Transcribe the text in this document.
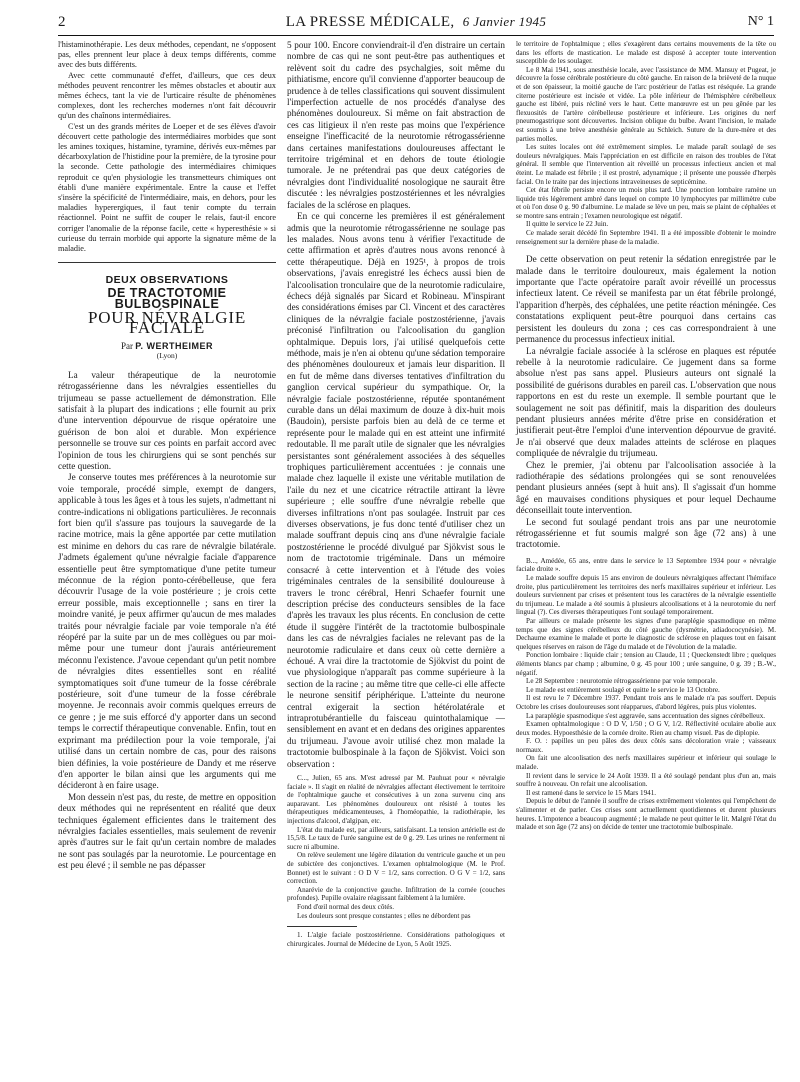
2	LA PRESSE MÉDICALE, 6 Janvier 1945	N° 1

l'histaminothérapie. Les deux méthodes, cependant, ne s'opposent pas, elles prennent leur place à deux temps différents, comme avec des buts différents.

Avec cette communauté d'effet, d'ailleurs, que ces deux méthodes peuvent rencontrer les mêmes obstacles et aboutir aux mêmes échecs, tant la vie de l'urticaire résulte de phénomènes complexes, dont les recherches modernes n'ont fait découvrir qu'un des chaînons intermédiaires.

C'est un des grands mérites de Loeper et de ses élèves d'avoir découvert cette pathologie des intermédiaires morbides que sont les amines toxiques, histamine, tyramine, dérivés eux-mêmes par décarboxylation de l'histidine pour la première, de la tyrosine pour la seconde. Cette pathologie des intermédiaires chimiques reproduit ce qu'en physiologie les transmetteurs chimiques ont établi d'une manière expérimentale. Entre la cause et l'effet s'insère la spécificité de l'intermédiaire, mais, en dehors, pour les maladies hyperergiques, il faut tenir compte du terrain réactionnel. Point ne suffit de couper le relais, faut-il encore corriger l'anomalie de la réponse facile, cette « hyperesthésie » si curieuse du terrain morbide qui apporte la signature même de la maladie.

DEUX OBSERVATIONS
DE TRACTOTOMIE BULBOSPINALE
POUR NÉVRALGIE FACIALE
Par P. WERTHEIMER
(Lyon)

La valeur thérapeutique de la neurotomie rétrogassérienne dans les névralgies essentielles du trijumeau se passe actuellement de démonstration. Elle satisfait à la plupart des indications ; elle fournit au prix d'une intervention dépourvue de risque opératoire une guérison de bon aloi et durable. Mon expérience personnelle se trouve sur ces points en parfait accord avec l'opinion de tous les chirurgiens qui se sont penchés sur cette question.

Je conserve toutes mes préférences à la neurotomie sur voie temporale, procédé simple, exempt de dangers, applicable à tous les âges et à tous les sujets, n'admettant ni contre-indications ni obligations particulières. Je reconnais fort bien qu'il s'assure pas toujours la sauvegarde de la racine motrice, mais la gêne apportée par cette mutilation est minime en dehors du cas rare de névralgie bilatérale. J'admets également qu'une névralgie faciale d'apparence essentielle peut être symptomatique d'une petite tumeur méconnue de la région ponto-cérébelleuse, que fera découvrir l'usage de la voie postérieure ; je crois cette erreur possible, mais exceptionnelle ; sans en tirer la moindre vanité, je peux affirmer qu'aucun de mes malades traités pour névralgie faciale par voie temporale n'a été réopéré par la suite par un de mes collègues ou par moi-même pour une tumeur dont j'aurais antérieurement méconnu l'existence. J'avoue cependant qu'un petit nombre de névralgies dites essentielles sont en réalité symptomatiques soit d'une tumeur de la fosse cérébrale postérieure, soit d'une tumeur de la fosse cérébrale moyenne. Je reconnais avoir commis quelques erreurs de ce genre ; je me suis efforcé d'y apporter dans un second temps le correctif thérapeutique convenable. Enfin, tout en exprimant ma prédilection pour la voie temporale, j'ai utilisé dans un certain nombre de cas, pour des raisons bien définies, la voie postérieure de Dandy et me réserve d'en apporter le bilan ainsi que les arguments qui me décideront à en faire usage.

Mon dessein n'est pas, du reste, de mettre en opposition deux méthodes qui ne représentent en réalité que deux techniques également efficientes dans le traitement des névralgies faciales essentielles, mais seulement de revenir après d'autres sur le fait qu'un certain nombre de malades ne sont pas soulagés par la neurotomie. Le pourcentage en est peu élevé ; il semble ne pas dépasser

5 pour 100. Encore conviendrait-il d'en distraire un certain nombre de cas qui ne sont peut-être pas authentiques et relèvent soit du cadre des psychalgies, soit même du pithiatisme, encore qu'il convienne d'apporter beaucoup de prudence à de telles classifications qui souvent dissimulent l'imperfection actuelle de nos procédés d'analyse des phénomènes douloureux. Si même on fait abstraction de ces cas litigieux il n'en reste pas moins que l'expérience enseigne l'inefficacité de la neurotomie rétrogassérienne dans certaines manifestations douloureuses affectant le territoire trigéminal et en dehors de toute étiologie tumorale. Je ne prétendrai pas que deux catégories de névralgies dont l'individualité nosologique ne saurait être discutée : les névralgies postzostériennes et les névralgies faciales de la sclérose en plaques.

En ce qui concerne les premières il est généralement admis que la neurotomie rétrogassérienne ne soulage pas les malades. Nous avons tenu à vérifier l'exactitude de cette affirmation et après d'autres nous avons renoncé à cette thérapeutique. Déjà en 1925¹, à propos de trois observations, j'avais enregistré les échecs aussi bien de l'alcoolisation tronculaire que de la neurotomie radiculaire, échecs déjà signalés par Sicard et Robineau. M'inspirant des considérations émises par Cl. Vincent et des caractères cliniques de la névralgie faciale postzostérienne, j'avais préconisé l'infiltration ou l'alcoolisation du ganglion ophtalmique. Depuis lors, j'ai utilisé quelquefois cette méthode, mais je n'en ai obtenu qu'une sédation temporaire des phénomènes douloureux et jamais leur disparition. Il en fut de même dans diverses tentatives d'infiltration du ganglion cervical supérieur du sympathique. Or, la névralgie faciale postzostérienne, réputée spontanément curable dans un délai maximum de douze à dix-huit mois (Baudoin), persiste parfois bien au delà de ce terme et représente pour le malade qui en est atteint une infirmité redoutable. Il me paraît utile de signaler que les névralgies persistantes sont généralement associées à des séquelles trophiques particulièrement accentuées : je connais une malade chez laquelle il existe une véritable mutilation de l'aile du nez et une cicatrice rétractile attirant la lèvre supérieure ; elle souffre d'une névralgie rebelle que diverses infiltrations n'ont pas soulagée. Instruit par ces diverses observations, je fus donc tenté d'utiliser chez un malade souffrant depuis cinq ans d'une névralgie faciale postzostérienne le procédé divulgué par Sjökvist sous le nom de tractotomie trigéminale. Dans un mémoire consacré à cette intervention et à l'étude des voies trigéminales centrales de la sensibilité douloureuse à travers le tronc cérébral, Henri Schaefer fournit une description précise des conducteurs sensibles de la face d'après les travaux les plus récents. En conclusion de cette étude il suggère l'intérêt de la tractotomie bulbospinale dans les cas de névralgies faciales ne relevant pas de la neurotomie radiculaire et dans ceux où cette dernière a échoué. A vrai dire la tractotomie de Sjökvist du point de vue physiologique n'apparaît pas comme supérieure à la section de la racine ; au même titre que celle-ci elle affecte le neurone sensitif périphérique. L'atteinte du neurone central exigerait la section hétérolatérale et intraprotubérantielle du faisceau quintothalamique — sensiblement en avant et en dedans des origines apparentes du trijumeau. J'avoue avoir utilisé chez mon malade la tractotomie bulbospinale à la façon de Sjökvist. Voici son observation :

C..., Julien, 65 ans. M'est adressé par M. Pauhuat pour « névralgie faciale ». Il s'agit en réalité de névralgies affectant électivement le territoire de l'ophtalmique gauche et consécutives à un zona survenu cinq ans auparavant. Les phénomènes douloureux ont résisté à toutes les thérapeutiques médicamenteuses, à l'homéopathie, la radiothérapie, les injections d'alcool, d'algipan, etc.

L'état du malade est, par ailleurs, satisfaisant. La tension artérielle est de 15,5/8. Le taux de l'urée sanguine est de 0 g. 29. Les urines ne renferment ni sucre ni albumine.

On relève seulement une légère dilatation du ventricule gauche et un peu de subictère des conjonctives. L'examen ophtalmologique (M. le Prof. Bonnet) est le suivant : O D V = 1/2, sans correction. O G V = 1/2, sans correction.

Anarévie de la conjonctive gauche. Infiltration de la cornée (couches profondes). Pupille ovalaire réagissant faiblement à la lumière.

Fond d'œil normal des deux côtés.

Les douleurs sont presque constantes ; elles ne débordent pas

1. L'algie faciale postzostérienne. Considérations pathologiques et chirurgicales. Journal de Médecine de Lyon, 5 Août 1925.

le territoire de l'ophtalmique ; elles s'exagèrent dans certains mouvements de la tête ou dans les efforts de mastication. Le malade est disposé à accepter toute intervention susceptible de les soulager.

Le 8 Mai 1941, sous anesthésie locale, avec l'assistance de MM. Mansuy et Pugeat, je découvre la fosse cérébrale postérieure du côté gauche. En raison de la brièveté de la nuque et de son épaisseur, la moitié gauche de l'arc postérieur de l'atlas est réséquée. La grande citerne postérieure est incisée et vidée. La pôle inférieur de l'hémisphère cérébelleux gauche est libéré, puis récliné vers le haut. Cette manœuvre est un peu gênée par les flexuosités de l'artère cérébelleuse postérieure et inférieure. Les origines du nerf pneumogastrique sont découvertes. Incision oblique du bulbe. Avant l'incision, le malade est soumis à une brève anesthésie générale au Schleich. Suture de la dure-mère et des parties molles.

Les suites locales ont été extrêmement simples. Le malade paraît soulagé de ses douleurs névralgiques. Mais l'appréciation en est difficile en raison des troubles de l'état général. Il semble que l'intervention ait réveillé un processus infectieux ancien et mal éteint. Le malade est fébrile ; il est prostré, adynamique ; il présente une poussée d'herpès facial. On le traite par des injections intraveineuses de septicémine.

Cet état fébrile persiste encore un mois plus tard. Une ponction lombaire ramène un liquide très légèrement ambré dans lequel on compte 10 lymphocytes par millimètre cube et où l'on dose 0 g. 90 d'albumine. Le malade se lève un peu, mais se plaint de céphalées et se montre sans entrain ; l'examen neurologique est négatif.

Il quitte le service le 22 Juin.

Ce malade serait décédé fin Septembre 1941. Il a été impossible d'obtenir le moindre renseignement sur la dernière phase de la maladie.

De cette observation on peut retenir la sédation enregistrée par le malade dans le territoire douloureux, mais également la notion importante que l'acte opératoire paraît avoir réveillé un processus infectieux latent. Ce réveil se manifesta par un état fébrile prolongé, l'apparition d'herpès, des céphalées, une petite réaction méningée. Ces constatations expliquent peut-être pourquoi dans certains cas persistent les douleurs du zona ; ces cas correspondraient à une permanence du processus infectieux initial.

La névralgie faciale associée à la sclérose en plaques est réputée rebelle à la neurotomie radiculaire. Ce jugement dans sa forme absolue n'est pas sans appel. Plusieurs auteurs ont signalé la possibilité de guérisons durables en pareil cas. L'observation que nous rapportons en est du reste un exemple. Il semble pourtant que le soulagement ne soit pas définitif, mais la disparition des douleurs pendant plusieurs années mérite d'être prise en considération et justifierait peut-être l'emploi d'une intervention dépourvue de gravité. Je n'ai observé que deux malades atteints de sclérose en plaques compliquée de névralgie du trijumeau.

Chez le premier, j'ai obtenu par l'alcoolisation associée à la radiothérapie des sédations prolongées qui se sont renouvelées pendant plusieurs années (sept à huit ans). Il s'agissait d'un homme âgé en mauvaises conditions physiques et pour lequel Dechaume déconseillait toute intervention.

Le second fut soulagé pendant trois ans par une neurotomie rétrogassérienne et fut soumis malgré son âge (72 ans) à une tractotomie.

B..., Amédée, 65 ans, entre dans le service le 13 Septembre 1934 pour « névralgie faciale droite ».

Le malade souffre depuis 15 ans environ de douleurs névralgiques affectant l'hémiface droite, plus particulièrement les territoires des nerfs maxillaires supérieur et inférieur. Les douleurs surviennent par crises et présentent tous les caractères de la névralgie essentielle du trijumeau. Le malade a été soumis à plusieurs alcoolisations et à la neurotomie du nerf lingual (?). Ces diverses thérapeutiques l'ont soulagé temporairement.

Par ailleurs ce malade présente les signes d'une paraplégie spasmodique en même temps que des signes cérébelleux du côté gauche (dysmétrie, adiadococynésie). M. Dechaume examine le malade et porte le diagnostic de sclérose en plaques tout en faisant quelques réserves en raison de l'âge du malade et de l'évolution de la maladie.

Ponction lombaire : liquide clair ; tension au Claude, 11 ; Queckenstedt libre ; quelques éléments blancs par champ ; albumine, 0 g. 45 pour 100 ; urée sanguine, 0 g. 39 ; B.-W., négatif.

Le 28 Septembre : neurotomie rétrogassérienne par voie temporale.

Le malade est entièrement soulagé et quitte le service le 13 Octobre.

Il est revu le 7 Décembre 1937. Pendant trois ans le malade n'a pas souffert. Depuis Octobre les crises douloureuses sont réapparues, d'abord légères, puis plus violentes.

La paraplégie spasmodique s'est aggravée, sans accentuation des signes cérébelleux.

Examen ophtalmologique : O D V, 1/50 ; O G V, 1/2. Réflectivité oculaire abolie aux deux modes. Hypoesthésie de la cornée droite. Rien au champ visuel. Pas de diplopie.

F. O. : papilles un peu pâles des deux côtés sans décoloration vraie ; vaisseaux normaux.

On fait une alcoolisation des nerfs maxillaires supérieur et inférieur qui soulage le malade.

Il revient dans le service le 24 Août 1939. Il a été soulagé pendant plus d'un an, mais souffre à nouveau. On refait une alcoolisation.

Il est ramené dans le service le 15 Mars 1941.

Depuis le début de l'année il souffre de crises extrêmement violentes qui l'empêchent de s'alimenter et de parler. Ces crises sont actuellement quotidiennes et durent plusieurs heures. L'impotence a beaucoup augmenté ; le malade ne peut quitter le lit. Malgré l'état du malade et son âge (72 ans) on décide de tenter une tractotomie bulbospinale.
